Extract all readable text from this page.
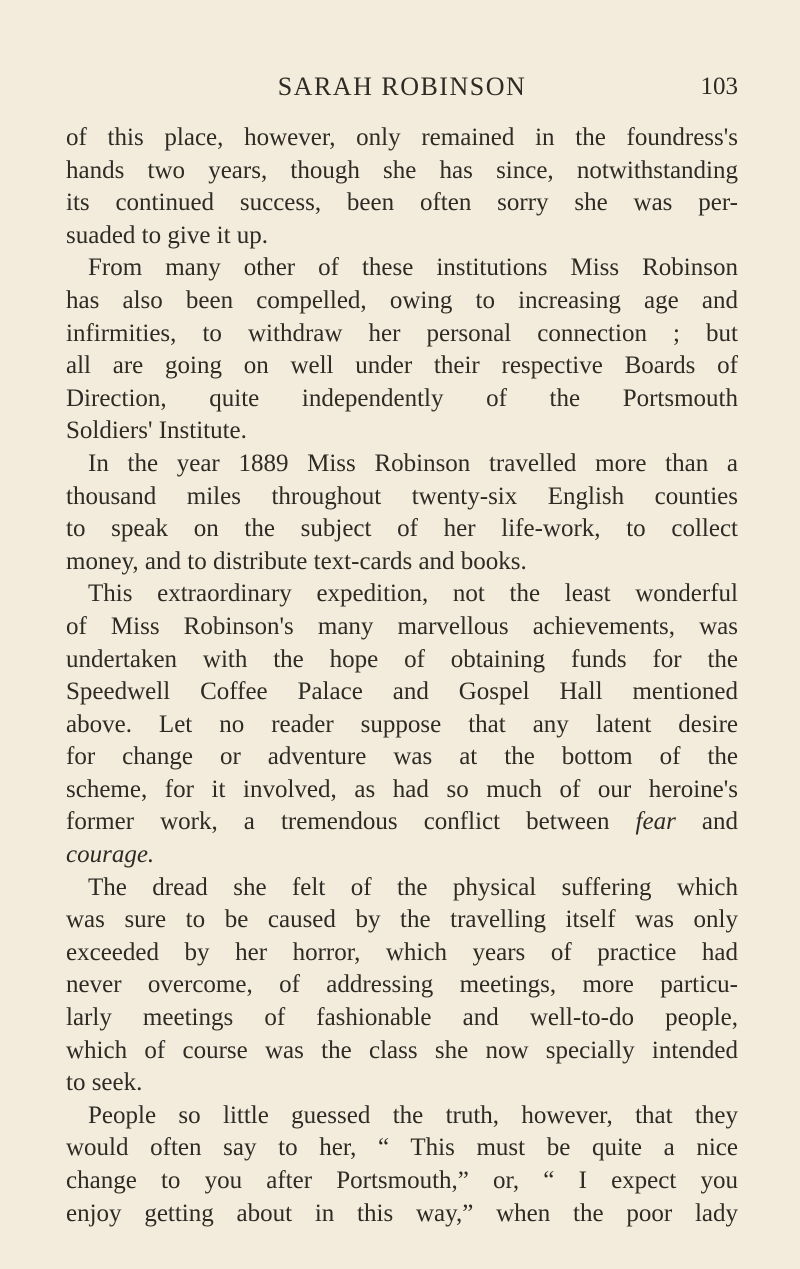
SARAH ROBINSON	103
of this place, however, only remained in the foundress's
hands two years, though she has since, notwithstanding
its continued success, been often sorry she was per-
suaded to give it up.
From many other of these institutions Miss Robinson
has also been compelled, owing to increasing age and
infirmities, to withdraw her personal connection ; but
all are going on well under their respective Boards of
Direction, quite independently of the Portsmouth
Soldiers' Institute.
In the year 1889 Miss Robinson travelled more than a
thousand miles throughout twenty-six English counties
to speak on the subject of her life-work, to collect
money, and to distribute text-cards and books.
This extraordinary expedition, not the least wonderful
of Miss Robinson's many marvellous achievements, was
undertaken with the hope of obtaining funds for the
Speedwell Coffee Palace and Gospel Hall mentioned
above. Let no reader suppose that any latent desire
for change or adventure was at the bottom of the
scheme, for it involved, as had so much of our heroine's
former work, a tremendous conflict between fear and
courage.
The dread she felt of the physical suffering which
was sure to be caused by the travelling itself was only
exceeded by her horror, which years of practice had
never overcome, of addressing meetings, more particu-
larly meetings of fashionable and well-to-do people,
which of course was the class she now specially intended
to seek.
People so little guessed the truth, however, that they
would often say to her, “ This must be quite a nice
change to you after Portsmouth,” or, “ I expect you
enjoy getting about in this way,” when the poor lady
